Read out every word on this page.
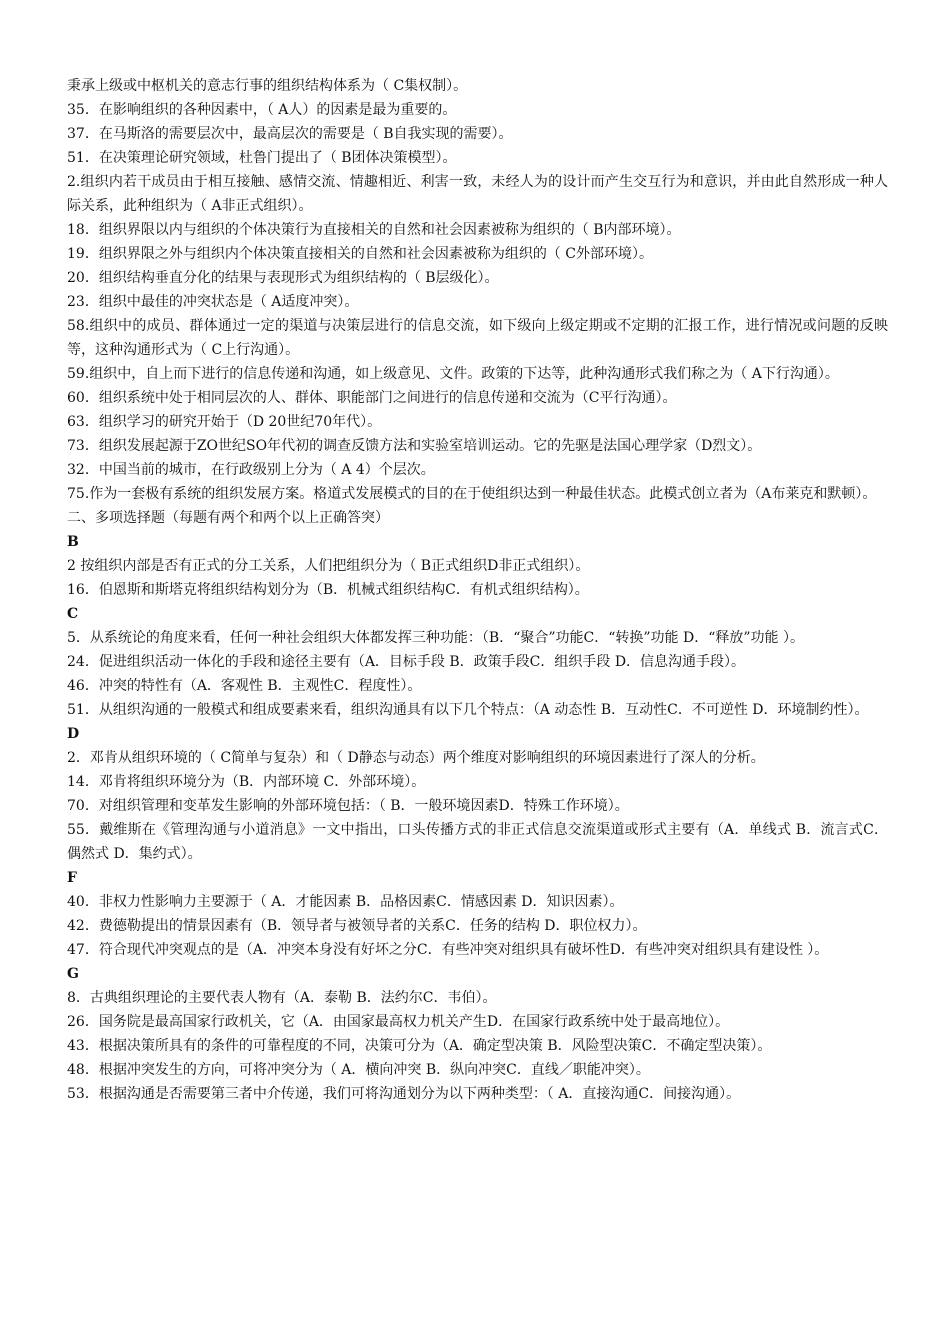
秉承上级或中枢机关的意志行事的组织结构体系为（ C集权制）。
35．在影响组织的各种因素中，（ A人）的因素是最为重要的。
37．在马斯洛的需要层次中，最高层次的需要是（ B自我实现的需要）。
51．在决策理论研究领域，杜鲁门提出了（ B团体决策模型）。
2.组织内若干成员由于相互接触、感情交流、情趣相近、利害一致，未经人为的设计而产生交互行为和意识，并由此自然形成一种人际关系，此种组织为（ A非正式组织）。
18．组织界限以内与组织的个体决策行为直接相关的自然和社会因素被称为组织的（ B内部环境）。
19．组织界限之外与组织内个体决策直接相关的自然和社会因素被称为组织的（ C外部环境）。
20．组织结构垂直分化的结果与表现形式为组织结构的（ B层级化）。
23．组织中最佳的冲突状态是（ A适度冲突）。
58.组织中的成员、群体通过一定的渠道与决策层进行的信息交流，如下级向上级定期或不定期的汇报工作，进行情况或问题的反映等，这种沟通形式为（ C上行沟通）。
59.组织中，自上而下进行的信息传递和沟通，如上级意见、文件。政策的下达等，此种沟通形式我们称之为（ A下行沟通）。
60．组织系统中处于相同层次的人、群体、职能部门之间进行的信息传递和交流为（C平行沟通）。
63．组织学习的研究开始于（D 20世纪70年代）。
73．组织发展起源于ZO世纪SO年代初的调查反馈方法和实验室培训运动。它的先驱是法国心理学家（D烈文）。
32．中国当前的城市，在行政级别上分为（ A 4）个层次。
75.作为一套极有系统的组织发展方案。格道式发展模式的目的在于使组织达到一种最佳状态。此模式创立者为（A布莱克和默顿）。
二、多项选择题（每题有两个和两个以上正确答突）
B
2 按组织内部是否有正式的分工关系，人们把组织分为（ B正式组织D非正式组织）。
16．伯恩斯和斯塔克将组织结构划分为（B．机械式组织结构C．有机式组织结构）。
C
5．从系统论的角度来看，任何一种社会组织大体都发挥三种功能：（B．“聚合”功能C．“转换”功能 D．“释放”功能 ）。
24．促进组织活动一体化的手段和途径主要有（A．目标手段 B．政策手段C．组织手段 D．信息沟通手段）。
46．冲突的特性有（A．客观性 B．主观性C．程度性）。
51．从组织沟通的一般模式和组成要素来看，组织沟通具有以下几个特点：（A 动态性 B．互动性C．不可逆性 D．环境制约性）。
D
2．邓肯从组织环境的（ C简单与复杂）和（ D静态与动态）两个维度对影响组织的环境因素进行了深人的分析。
14．邓肯将组织环境分为（B．内部环境 C．外部环境）。
70．对组织管理和变革发生影响的外部环境包括：（ B．一般环境因素D．特殊工作环境）。
55．戴维斯在《管理沟通与小道消息》一文中指出，口头传播方式的非正式信息交流渠道或形式主要有（A．单线式 B．流言式C．偶然式 D．集约式）。
F
40．非权力性影响力主要源于（ A．才能因素 B．品格因素C．情感因素 D．知识因素）。
42．费德勒提出的情景因素有（B．领导者与被领导者的关系C．任务的结构 D．职位权力）。
47．符合现代冲突观点的是（A．冲突本身没有好坏之分C．有些冲突对组织具有破坏性D．有些冲突对组织具有建设性 ）。
G
8．古典组织理论的主要代表人物有（A．泰勒 B．法约尔C．韦伯）。
26．国务院是最高国家行政机关，它（A．由国家最高权力机关产生D．在国家行政系统中处于最高地位）。
43．根据决策所具有的条件的可靠程度的不同，决策可分为（A．确定型决策 B．风险型决策C．不确定型决策）。
48．根据冲突发生的方向，可将冲突分为（ A．横向冲突 B．纵向冲突C．直线／职能冲突）。
53．根据沟通是否需要第三者中介传递，我们可将沟通划分为以下两种类型：（ A．直接沟通C．间接沟通）。
